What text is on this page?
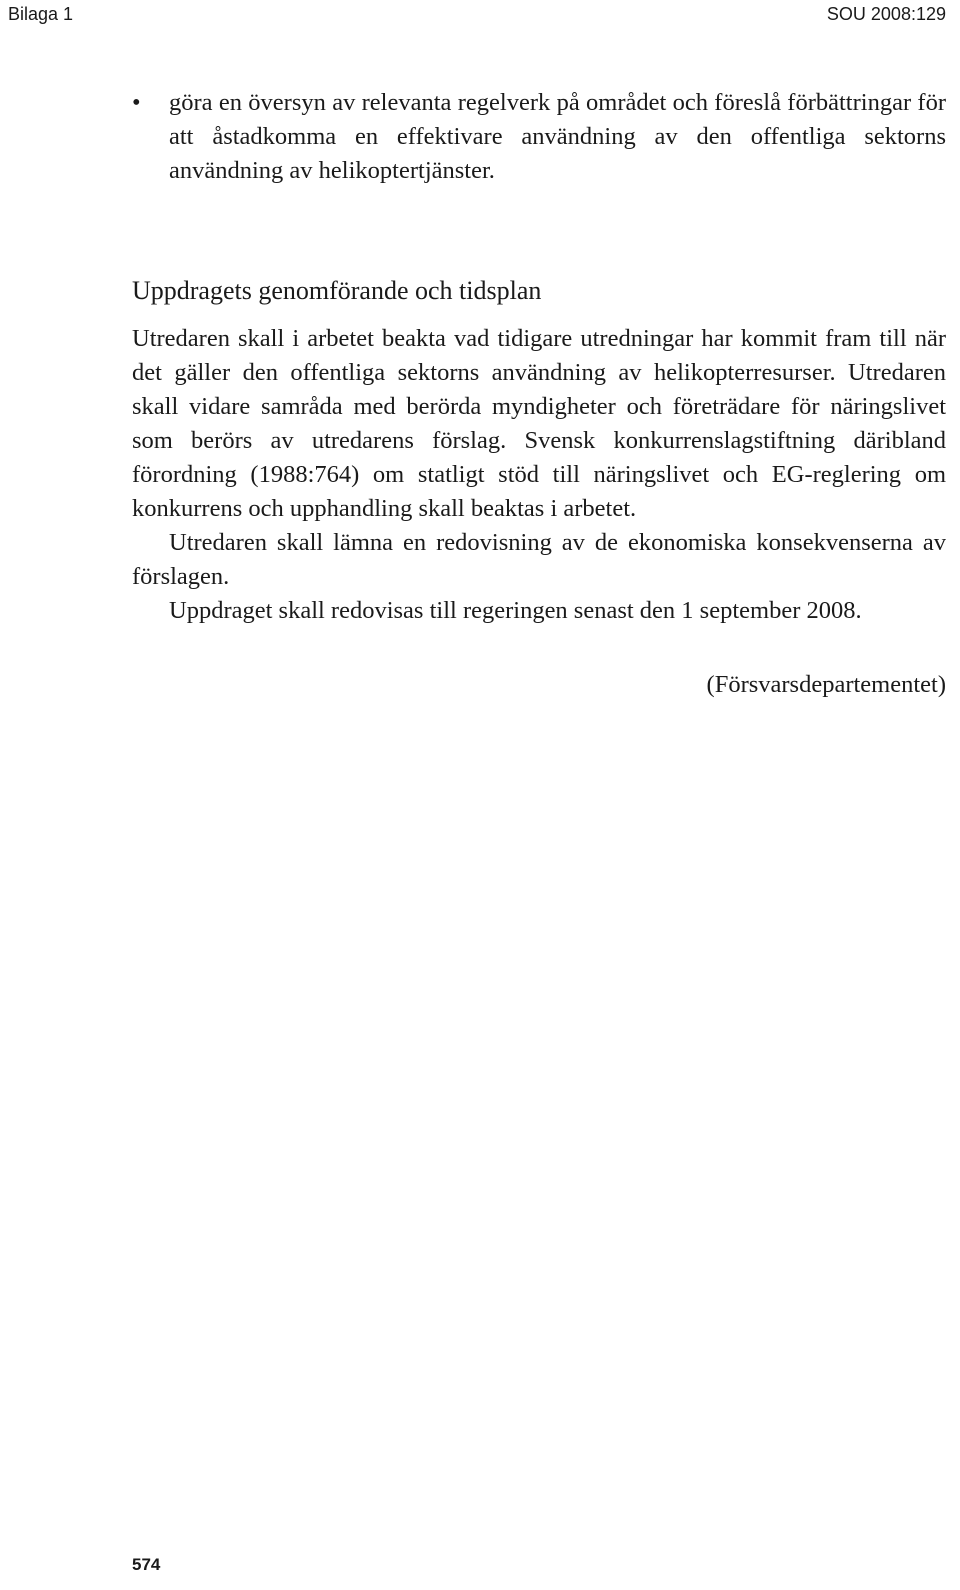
Bilaga 1	SOU 2008:129
•	göra en översyn av relevanta regelverk på området och föreslå förbättringar för att åstadkomma en effektivare användning av den offentliga sektorns användning av helikoptertjänster.
Uppdragets genomförande och tidsplan

Utredaren skall i arbetet beakta vad tidigare utredningar har kommit fram till när det gäller den offentliga sektorns användning av helikopterresurser. Utredaren skall vidare samråda med berörda myndigheter och företrädare för näringslivet som berörs av utredarens förslag. Svensk konkurrenslagstiftning däribland förordning (1988:764) om statligt stöd till näringslivet och EG-reglering om konkurrens och upphandling skall beaktas i arbetet.

Utredaren skall lämna en redovisning av de ekonomiska konsekvenserna av förslagen.

Uppdraget skall redovisas till regeringen senast den 1 september 2008.

(Försvarsdepartementet)

574
